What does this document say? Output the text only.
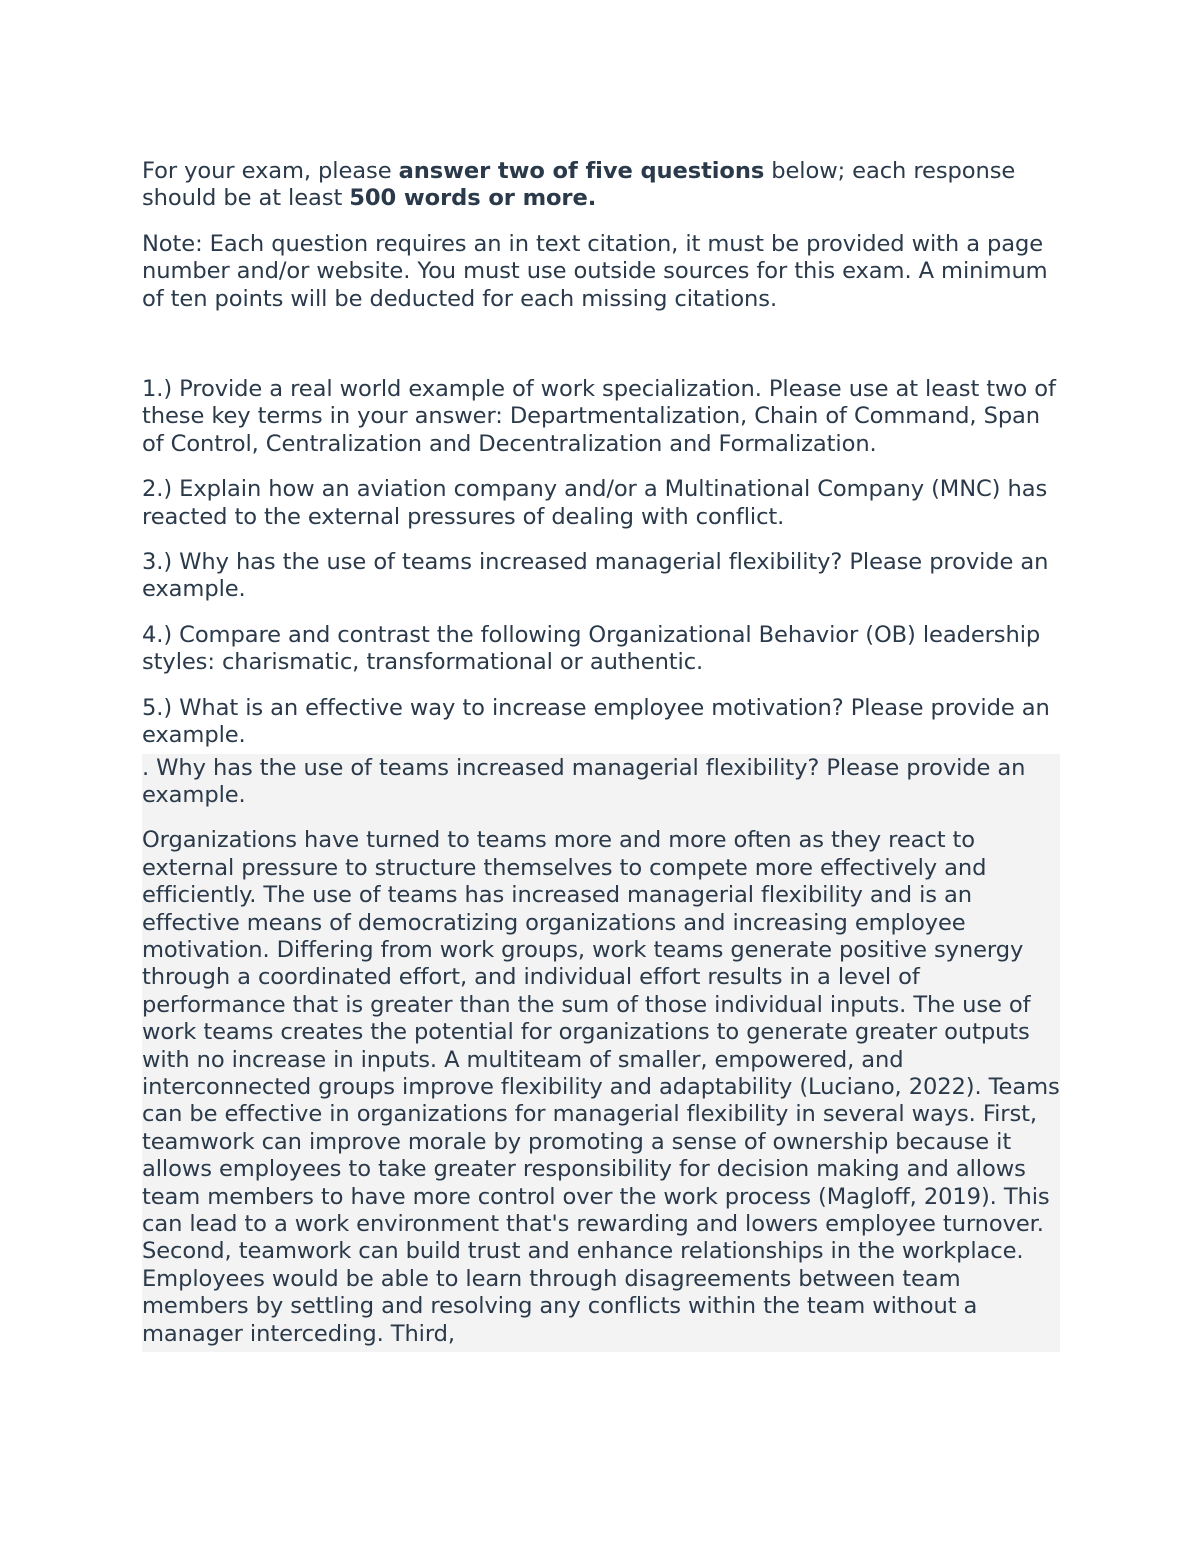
For your exam, please answer two of five questions below; each response should be at least 500 words or more.

Note: Each question requires an in text citation, it must be provided with a page number and/or website. You must use outside sources for this exam. A minimum of ten points will be deducted for each missing citations.

1.) Provide a real world example of work specialization. Please use at least two of these key terms in your answer: Departmentalization, Chain of Command, Span of Control, Centralization and Decentralization and Formalization.

2.) Explain how an aviation company and/or a Multinational Company (MNC) has reacted to the external pressures of dealing with conflict.

3.) Why has the use of teams increased managerial flexibility? Please provide an example.

4.) Compare and contrast the following Organizational Behavior (OB) leadership styles: charismatic, transformational or authentic.

5.) What is an effective way to increase employee motivation? Please provide an example.

. Why has the use of teams increased managerial flexibility? Please provide an example.

Organizations have turned to teams more and more often as they react to external pressure to structure themselves to compete more effectively and efficiently. The use of teams has increased managerial flexibility and is an effective means of democratizing organizations and increasing employee motivation. Differing from work groups, work teams generate positive synergy through a coordinated effort, and individual effort results in a level of performance that is greater than the sum of those individual inputs. The use of work teams creates the potential for organizations to generate greater outputs with no increase in inputs. A multiteam of smaller, empowered, and interconnected groups improve flexibility and adaptability (Luciano, 2022). Teams can be effective in organizations for managerial flexibility in several ways. First, teamwork can improve morale by promoting a sense of ownership because it allows employees to take greater responsibility for decision making and allows team members to have more control over the work process (Magloff, 2019). This can lead to a work environment that's rewarding and lowers employee turnover. Second, teamwork can build trust and enhance relationships in the workplace. Employees would be able to learn through disagreements between team members by settling and resolving any conflicts within the team without a manager interceding. Third,
